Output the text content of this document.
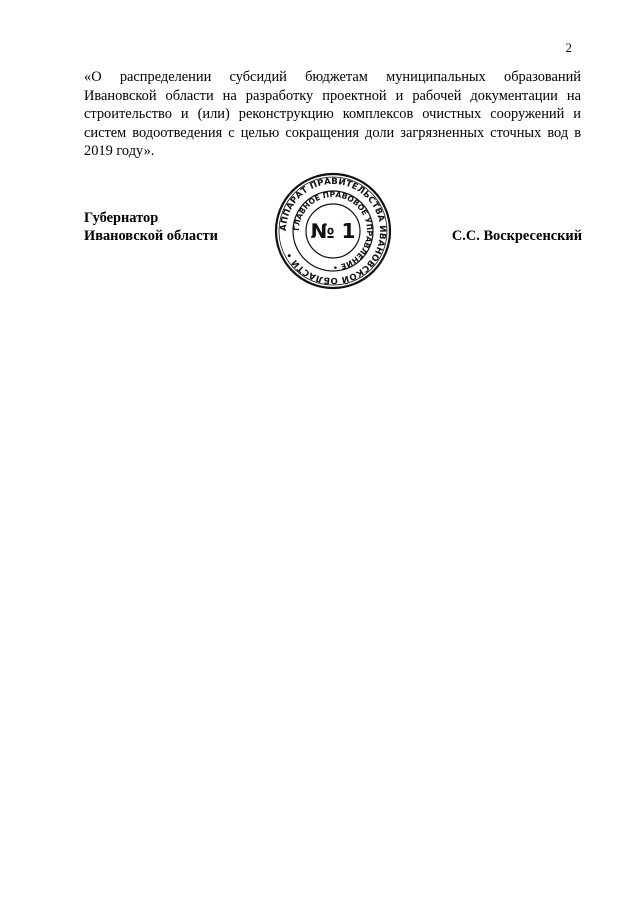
2

«О распределении субсидий бюджетам муниципальных образований Ивановской области на разработку проектной и рабочей документации на строительство и (или) реконструкцию комплексов очистных сооружений и систем водоотведения с целью сокращения доли загрязненных сточных вод в 2019 году».

Губернатор
Ивановской области	С.С. Воскресенский
АППАРАТ ПРАВИТЕЛЬСТВА ИВАНОВСКОЙ ОБЛАСТИ •
ГЛАВНОЕ ПРАВОВОЕ УПРАВЛЕНИЕ •
№ 1
